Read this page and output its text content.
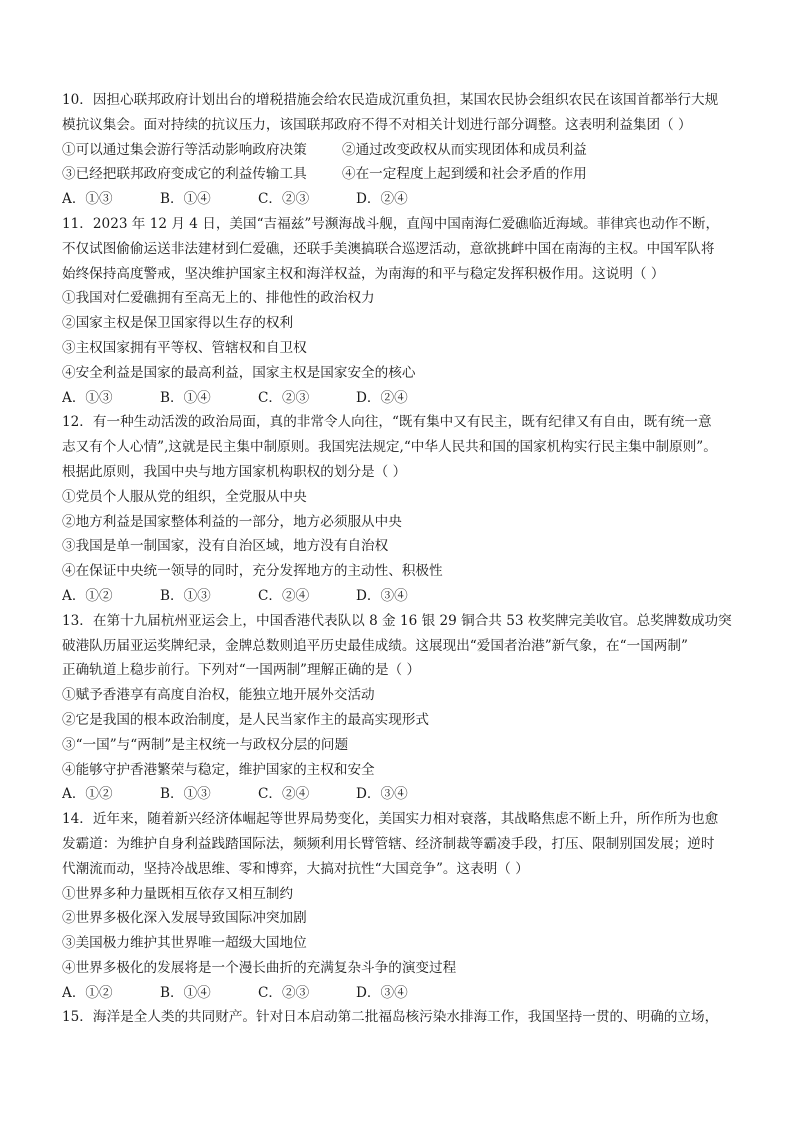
10．因担心联邦政府计划出台的增税措施会给农民造成沉重负担，某国农民协会组织农民在该国首都举行大规
模抗议集会。面对持续的抗议压力，该国联邦政府不得不对相关计划进行部分调整。这表明利益集团（ ）
①可以通过集会游行等活动影响政府决策	②通过改变政权从而实现团体和成员利益
③已经把联邦政府变成它的利益传输工具	④在一定程度上起到缓和社会矛盾的作用
A．①③	B．①④	C．②③	D．②④
11．2023 年 12 月 4 日，美国“吉福兹”号濒海战斗舰，直闯中国南海仁爱礁临近海域。菲律宾也动作不断，
不仅试图偷偷运送非法建材到仁爱礁，还联手美澳搞联合巡逻活动，意欲挑衅中国在南海的主权。中国军队将
始终保持高度警戒，坚决维护国家主权和海洋权益，为南海的和平与稳定发挥积极作用。这说明（ ）
①我国对仁爱礁拥有至高无上的、排他性的政治权力
②国家主权是保卫国家得以生存的权利
③主权国家拥有平等权、管辖权和自卫权
④安全利益是国家的最高利益，国家主权是国家安全的核心
A．①③	B．①④	C．②③	D．②④
12．有一种生动活泼的政治局面，真的非常令人向往，“既有集中又有民主，既有纪律又有自由，既有统一意
志又有个人心情”,这就是民主集中制原则。我国宪法规定,“中华人民共和国的国家机构实行民主集中制原则”。
根据此原则，我国中央与地方国家机构职权的划分是（ ）
①党员个人服从党的组织，全党服从中央
②地方利益是国家整体利益的一部分，地方必须服从中央
③我国是单一制国家，没有自治区域，地方没有自治权
④在保证中央统一领导的同时，充分发挥地方的主动性、积极性
A．①②	B．①③	C．②④	D．③④
13．在第十九届杭州亚运会上，中国香港代表队以 8 金 16 银 29 铜合共 53 枚奖牌完美收官。总奖牌数成功突
破港队历届亚运奖牌纪录，金牌总数则追平历史最佳成绩。这展现出“爱国者治港”新气象，在“一国两制”
正确轨道上稳步前行。下列对“一国两制”理解正确的是（ ）
①赋予香港享有高度自治权，能独立地开展外交活动
②它是我国的根本政治制度，是人民当家作主的最高实现形式
③“一国”与“两制”是主权统一与政权分层的问题
④能够守护香港繁荣与稳定，维护国家的主权和安全
A．①②	B．①③	C．②④	D．③④
14．近年来，随着新兴经济体崛起等世界局势变化，美国实力相对衰落，其战略焦虑不断上升，所作所为也愈
发霸道：为维护自身利益践踏国际法，频频利用长臂管辖、经济制裁等霸凌手段，打压、限制别国发展；逆时
代潮流而动，坚持冷战思维、零和博弈，大搞对抗性“大国竞争”。这表明（ ）
①世界多种力量既相互依存又相互制约
②世界多极化深入发展导致国际冲突加剧
③美国极力维护其世界唯一超级大国地位
④世界多极化的发展将是一个漫长曲折的充满复杂斗争的演变过程
A．①②	B．①④	C．②③	D．③④
15．海洋是全人类的共同财产。针对日本启动第二批福岛核污染水排海工作，我国坚持一贯的、明确的立场，
